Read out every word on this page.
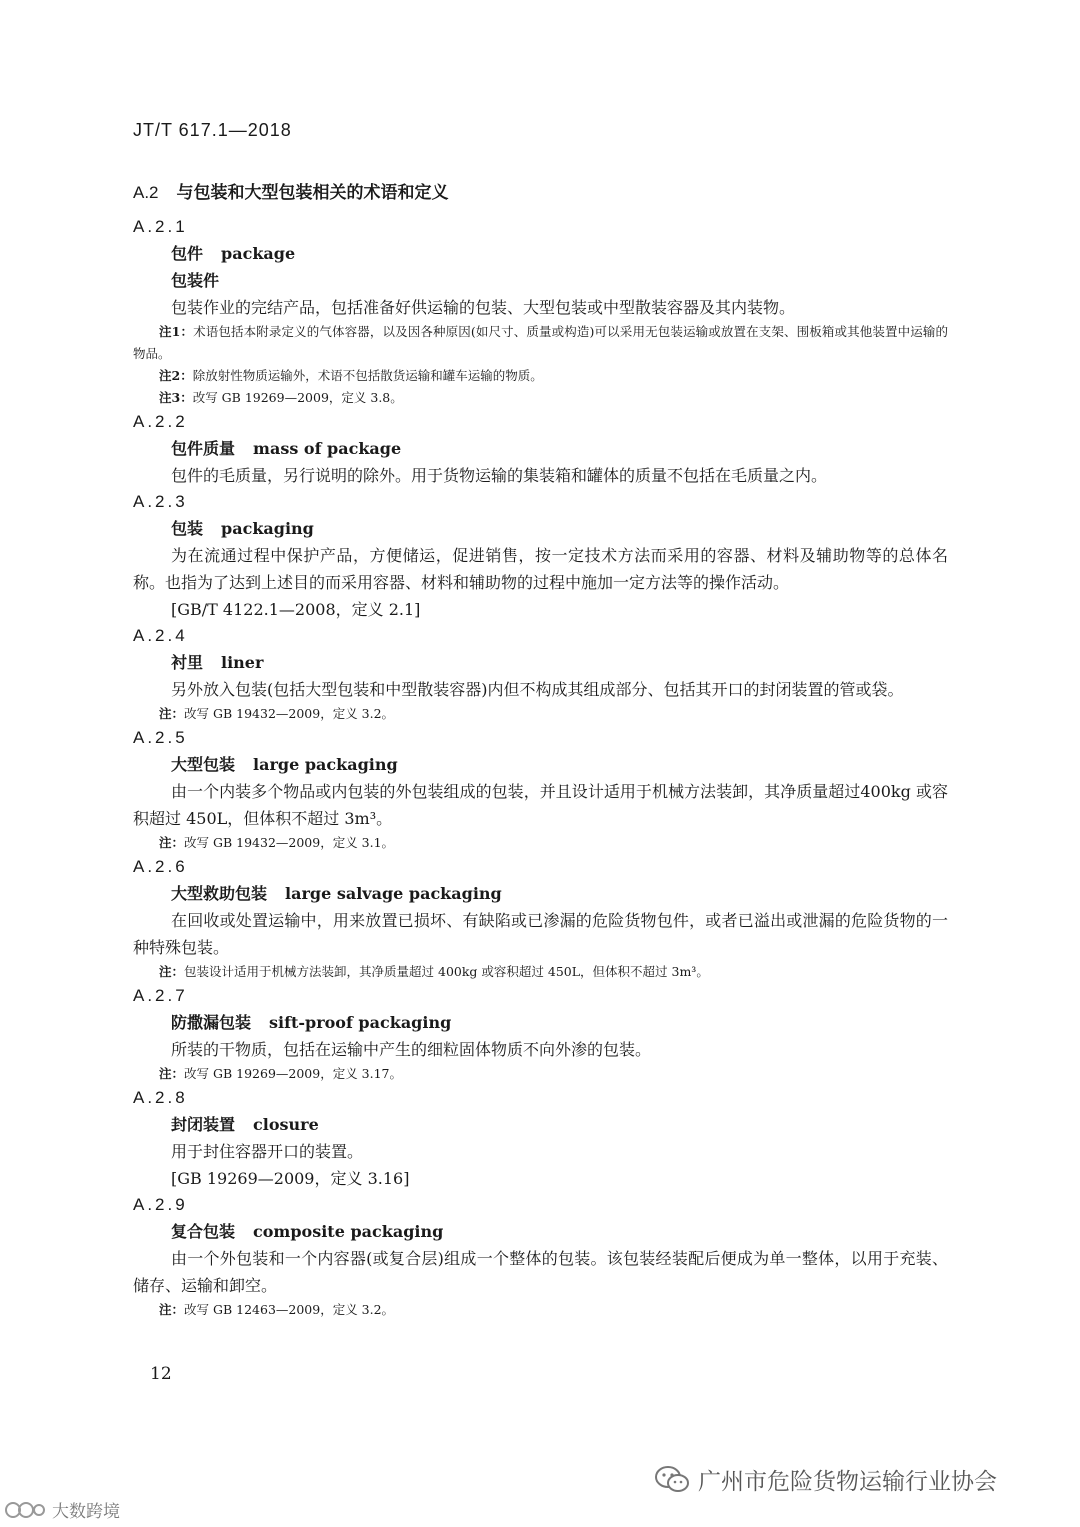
JT/T 617.1—2018
A.2 与包装和大型包装相关的术语和定义
A.2.1
包件 package
包装件
包装作业的完结产品，包括准备好供运输的包装、大型包装或中型散装容器及其内装物。
注1：术语包括本附录定义的气体容器，以及因各种原因(如尺寸、质量或构造)可以采用无包装运输或放置在支架、围板箱或其他装置中运输的物品。
注2：除放射性物质运输外，术语不包括散货运输和罐车运输的物质。
注3：改写 GB 19269—2009，定义 3.8。
A.2.2
包件质量 mass of package
包件的毛质量，另行说明的除外。用于货物运输的集装箱和罐体的质量不包括在毛质量之内。
A.2.3
包装 packaging
为在流通过程中保护产品，方便储运，促进销售，按一定技术方法而采用的容器、材料及辅助物等的总体名称。也指为了达到上述目的而采用容器、材料和辅助物的过程中施加一定方法等的操作活动。
[GB/T 4122.1—2008，定义 2.1]
A.2.4
衬里 liner
另外放入包装(包括大型包装和中型散装容器)内但不构成其组成部分、包括其开口的封闭装置的管或袋。
注：改写 GB 19432—2009，定义 3.2。
A.2.5
大型包装 large packaging
由一个内装多个物品或内包装的外包装组成的包装，并且设计适用于机械方法装卸，其净质量超过400kg 或容积超过 450L，但体积不超过 3m³。
注：改写 GB 19432—2009，定义 3.1。
A.2.6
大型救助包装 large salvage packaging
在回收或处置运输中，用来放置已损坏、有缺陷或已渗漏的危险货物包件，或者已溢出或泄漏的危险货物的一种特殊包装。
注：包装设计适用于机械方法装卸，其净质量超过 400kg 或容积超过 450L，但体积不超过 3m³。
A.2.7
防撒漏包装 sift-proof packaging
所装的干物质，包括在运输中产生的细粒固体物质不向外渗的包装。
注：改写 GB 19269—2009，定义 3.17。
A.2.8
封闭装置 closure
用于封住容器开口的装置。
[GB 19269—2009，定义 3.16]
A.2.9
复合包装 composite packaging
由一个外包装和一个内容器(或复合层)组成一个整体的包装。该包装经装配后便成为单一整体，以用于充装、储存、运输和卸空。
注：改写 GB 12463—2009，定义 3.2。
12
广州市危险货物运输行业协会
大数跨境
